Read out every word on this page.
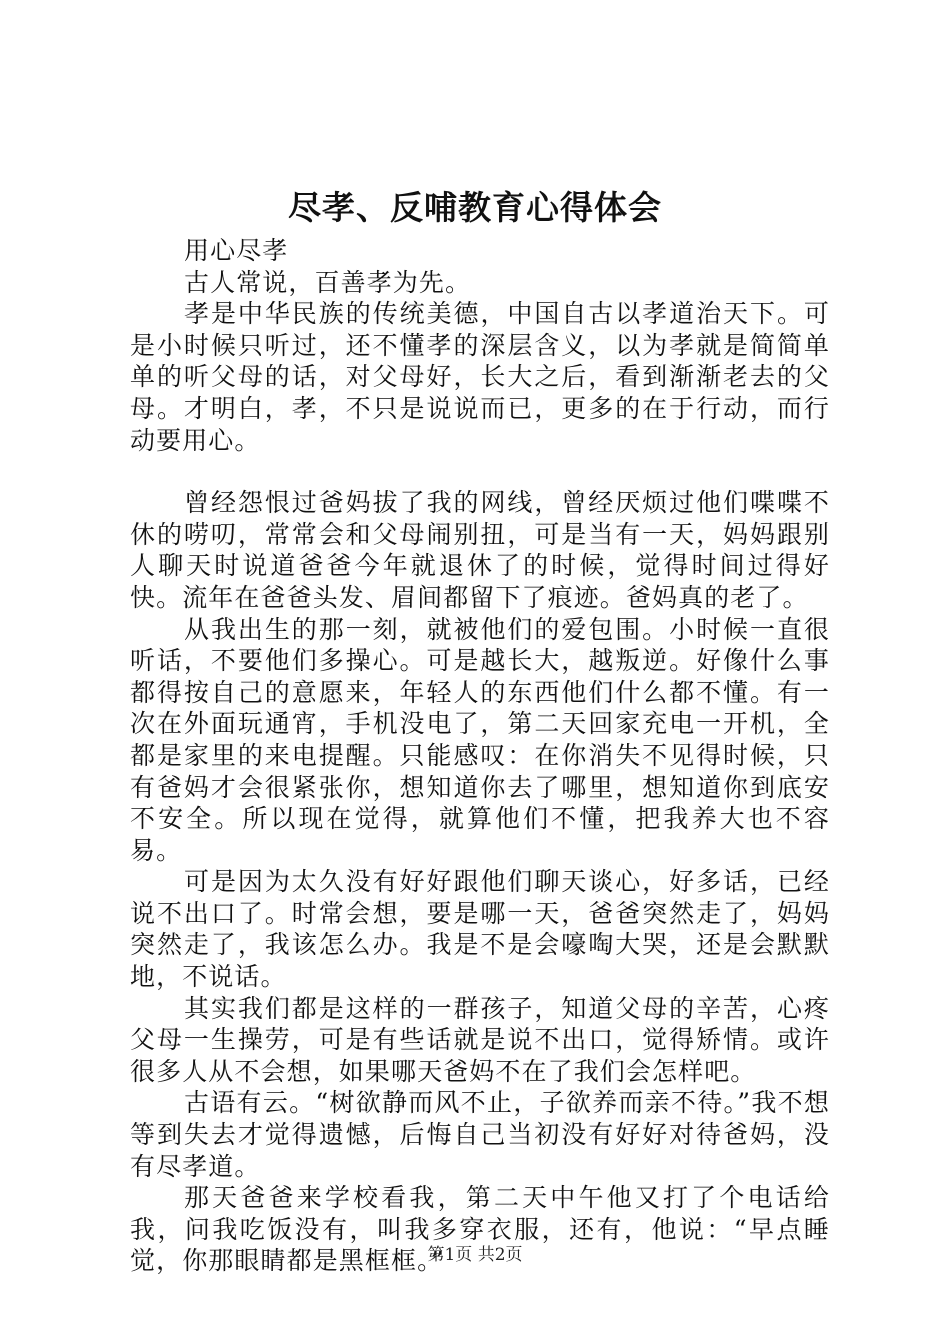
尽孝、反哺教育心得体会

用心尽孝

古人常说，百善孝为先。

孝是中华民族的传统美德，中国自古以孝道治天下。可是小时候只听过，还不懂孝的深层含义，以为孝就是简简单单的听父母的话，对父母好，长大之后，看到渐渐老去的父母。才明白，孝，不只是说说而已，更多的在于行动，而行动要用心。

曾经怨恨过爸妈拔了我的网线，曾经厌烦过他们喋喋不休的唠叨，常常会和父母闹别扭，可是当有一天，妈妈跟别人聊天时说道爸爸今年就退休了的时候，觉得时间过得好快。流年在爸爸头发、眉间都留下了痕迹。爸妈真的老了。

从我出生的那一刻，就被他们的爱包围。小时候一直很听话，不要他们多操心。可是越长大，越叛逆。好像什么事都得按自己的意愿来，年轻人的东西他们什么都不懂。有一次在外面玩通宵，手机没电了，第二天回家充电一开机，全都是家里的来电提醒。只能感叹：在你消失不见得时候，只有爸妈才会很紧张你，想知道你去了哪里，想知道你到底安不安全。所以现在觉得，就算他们不懂，把我养大也不容易。

可是因为太久没有好好跟他们聊天谈心，好多话，已经说不出口了。时常会想，要是哪一天，爸爸突然走了，妈妈突然走了，我该怎么办。我是不是会嚎啕大哭，还是会默默地，不说话。

其实我们都是这样的一群孩子，知道父母的辛苦，心疼父母一生操劳，可是有些话就是说不出口，觉得矫情。或许很多人从不会想，如果哪天爸妈不在了我们会怎样吧。

古语有云。“树欲静而风不止，子欲养而亲不待。”我不想等到失去才觉得遗憾，后悔自己当初没有好好对待爸妈，没有尽孝道。

那天爸爸来学校看我，第二天中午他又打了个电话给我，问我吃饭没有，叫我多穿衣服，还有，他说：“早点睡觉，你那眼睛都是黑框框。”

第1页 共2页
